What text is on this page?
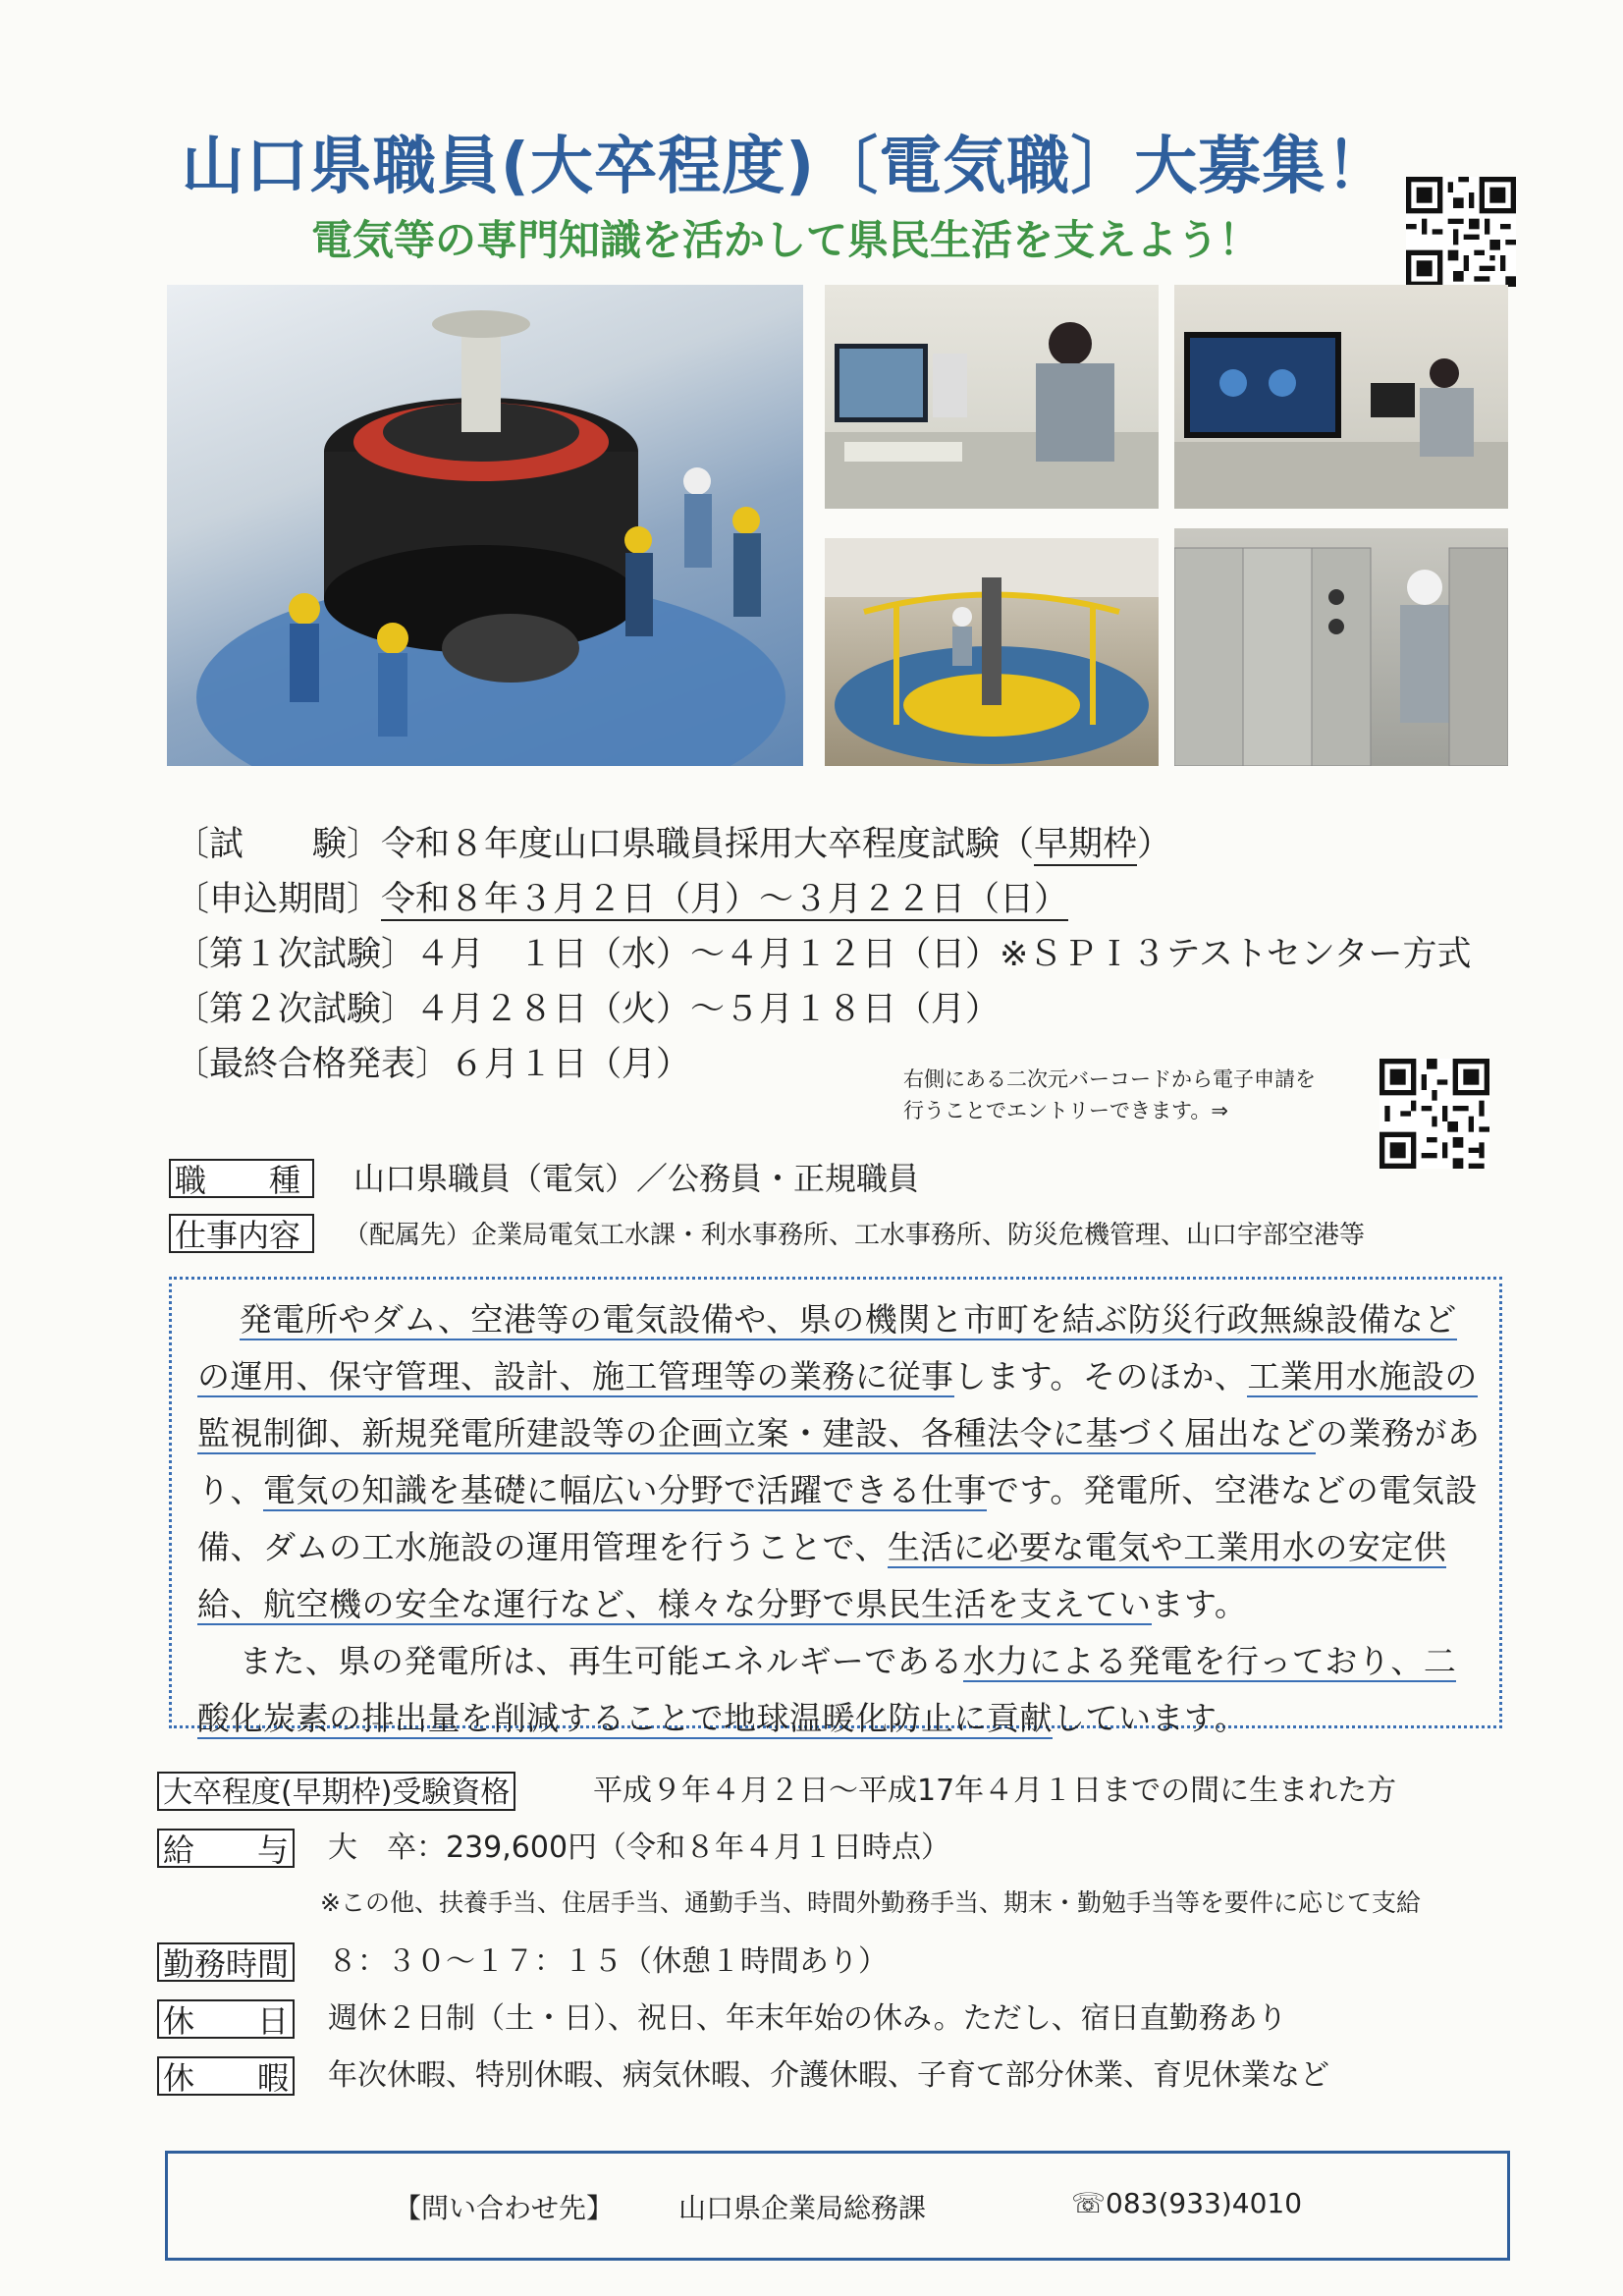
山口県職員(大卒程度)〔電気職〕大募集！
電気等の専門知識を活かして県民生活を支えよう！
〔試　　験〕令和８年度山口県職員採用大卒程度試験（早期枠）
〔申込期間〕令和８年３月２日（月）～３月２２日（日）
〔第１次試験〕４月　１日（水）～４月１２日（日）※ＳＰＩ３テストセンター方式
〔第２次試験〕４月２８日（火）～５月１８日（月）
〔最終合格発表〕６月１日（月）	右側にある二次元バーコードから電子申請を
行うことでエントリーできます。⇒
職　　種	山口県職員（電気）／公務員・正規職員
仕事内容	（配属先）企業局電気工水課・利水事務所、工水事務所、防災危機管理、山口宇部空港等

発電所やダム、空港等の電気設備や、県の機関と市町を結ぶ防災行政無線設備などの運用、保守管理、設計、施工管理等の業務に従事します。そのほか、工業用水施設の監視制御、新規発電所建設等の企画立案・建設、各種法令に基づく届出などの業務があり、電気の知識を基礎に幅広い分野で活躍できる仕事です。発電所、空港などの電気設備、ダムの工水施設の運用管理を行うことで、生活に必要な電気や工業用水の安定供給、航空機の安全な運行など、様々な分野で県民生活を支えています。

また、県の発電所は、再生可能エネルギーである水力による発電を行っており、二酸化炭素の排出量を削減することで地球温暖化防止に貢献しています。

大卒程度(早期枠)受験資格	平成９年４月２日～平成17年４月１日までの間に生まれた方
給　　与 大　卒：239,600円（令和８年４月１日時点）
※この他、扶養手当、住居手当、通勤手当、時間外勤務手当、期末・勤勉手当等を要件に応じて支給
勤務時間 ８：３０～１７：１５（休憩１時間あり）
休　　日 週休２日制（土・日）、祝日、年末年始の休み。ただし、宿日直勤務あり
休　　暇 年次休暇、特別休暇、病気休暇、介護休暇、子育て部分休業、育児休業など
【問い合わせ先】 山口県企業局総務課	☏083(933)4010
